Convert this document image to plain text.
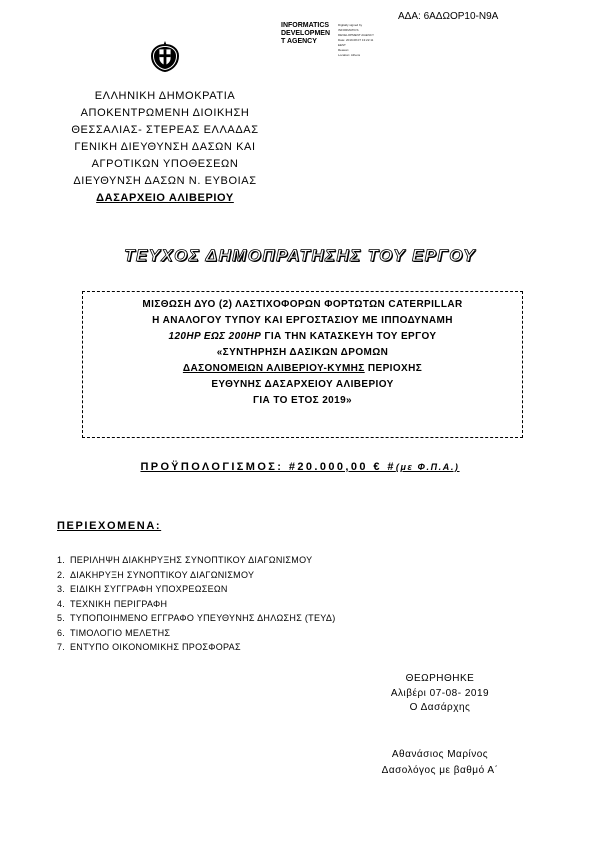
ΑΔΑ: 6ΑΔΩΟΡ10-Ν9Α
INFORMATICS
DEVELOPMEN
T AGENCY
Digitally signed by
INFORMATICS
DEVELOPMENT AGENCY
Date: 2019.08.07 13:22:11
EEST
Reason:
Location: Athens
ΕΛΛΗΝΙΚΗ ΔΗΜΟΚΡΑΤΙΑ
ΑΠΟΚΕΝΤΡΩΜΕΝΗ ΔΙΟΙΚΗΣΗ
ΘΕΣΣΑΛΙΑΣ- ΣΤΕΡΕΑΣ ΕΛΛΑΔΑΣ
ΓΕΝΙΚΗ ΔΙΕΥΘΥΝΣΗ ΔΑΣΩΝ ΚΑΙ
ΑΓΡΟΤΙΚΩΝ ΥΠΟΘΕΣΕΩΝ
ΔΙΕΥΘΥΝΣΗ ΔΑΣΩΝ Ν. ΕΥΒΟΙΑΣ
ΔΑΣΑΡΧΕΙΟ ΑΛΙΒΕΡΙΟΥ
ΤΕΥΧΟΣ ΔΗΜΟΠΡΑΤΗΣΗΣ ΤΟΥ ΕΡΓΟΥ
ΜΙΣΘΩΣΗ ΔΥΟ (2) ΛΑΣΤΙΧΟΦΟΡΩΝ ΦΟΡΤΩΤΩΝ CATERPILLAR
Η ΑΝΑΛΟΓΟΥ ΤΥΠΟΥ ΚΑΙ ΕΡΓΟΣΤΑΣΙΟΥ ΜΕ ΙΠΠΟΔΥΝΑΜΗ
120HP ΕΩΣ 200HP ΓΙΑ ΤΗΝ ΚΑΤΑΣΚΕΥΗ ΤΟΥ ΕΡΓΟΥ
«ΣΥΝΤΗΡΗΣΗ ΔΑΣΙΚΩΝ ΔΡΟΜΩΝ
ΔΑΣΟΝΟΜΕΙΩΝ ΑΛΙΒΕΡΙΟΥ-ΚΥΜΗΣ ΠΕΡΙΟΧΗΣ
ΕΥΘΥΝΗΣ ΔΑΣΑΡΧΕΙΟΥ ΑΛΙΒΕΡΙΟΥ
ΓΙΑ ΤΟ ΕΤΟΣ 2019»
ΠΡΟΫΠΟΛΟΓΙΣΜΟΣ: #20.000,00 € #(με Φ.Π.Α.)
ΠΕΡΙΕΧΟΜΕΝΑ:
1. ΠΕΡΙΛΗΨΗ ΔΙΑΚΗΡΥΞΗΣ ΣΥΝΟΠΤΙΚΟΥ ΔΙΑΓΩΝΙΣΜΟΥ
2. ΔΙΑΚΗΡΥΞΗ ΣΥΝΟΠΤΙΚΟΥ ΔΙΑΓΩΝΙΣΜΟΥ
3. ΕΙΔΙΚΗ ΣΥΓΓΡΑΦΗ ΥΠΟΧΡΕΩΣΕΩΝ
4. ΤΕΧΝΙΚΗ ΠΕΡΙΓΡΑΦΗ
5. ΤΥΠΟΠΟΙΗΜΕΝΟ ΕΓΓΡΑΦΟ ΥΠΕΥΘΥΝΗΣ ΔΗΛΩΣΗΣ (ΤΕΥΔ)
6. ΤΙΜΟΛΟΓΙΟ ΜΕΛΕΤΗΣ
7. ΕΝΤΥΠΟ ΟΙΚΟΝΟΜΙΚΗΣ ΠΡΟΣΦΟΡΑΣ
ΘΕΩΡΗΘΗΚΕ
Αλιβέρι 07-08- 2019
Ο Δασάρχης
Αθανάσιος Μαρίνος
Δασολόγος με βαθμό Α΄
